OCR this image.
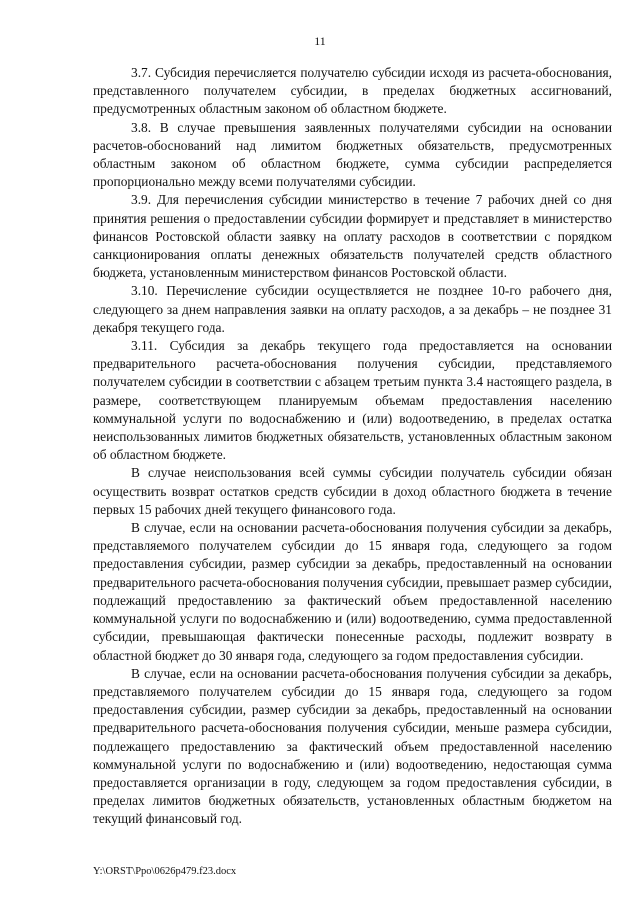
11

3.7. Субсидия перечисляется получателю субсидии исходя из расчета-обоснования, представленного получателем субсидии, в пределах бюджетных ассигнований, предусмотренных областным законом об областном бюджете.

3.8. В случае превышения заявленных получателями субсидии на основании расчетов-обоснований над лимитом бюджетных обязательств, предусмотренных областным законом об областном бюджете, сумма субсидии распределяется пропорционально между всеми получателями субсидии.

3.9. Для перечисления субсидии министерство в течение 7 рабочих дней со дня принятия решения о предоставлении субсидии формирует и представляет в министерство финансов Ростовской области заявку на оплату расходов в соответствии с порядком санкционирования оплаты денежных обязательств получателей средств областного бюджета, установленным министерством финансов Ростовской области.

3.10. Перечисление субсидии осуществляется не позднее 10-го рабочего дня, следующего за днем направления заявки на оплату расходов, а за декабрь – не позднее 31 декабря текущего года.

3.11. Субсидия за декабрь текущего года предоставляется на основании предварительного расчета-обоснования получения субсидии, представляемого получателем субсидии в соответствии с абзацем третьим пункта 3.4 настоящего раздела, в размере, соответствующем планируемым объемам предоставления населению коммунальной услуги по водоснабжению и (или) водоотведению, в пределах остатка неиспользованных лимитов бюджетных обязательств, установленных областным законом об областном бюджете.

В случае неиспользования всей суммы субсидии получатель субсидии обязан осуществить возврат остатков средств субсидии в доход областного бюджета в течение первых 15 рабочих дней текущего финансового года.

В случае, если на основании расчета-обоснования получения субсидии за декабрь, представляемого получателем субсидии до 15 января года, следующего за годом предоставления субсидии, размер субсидии за декабрь, предоставленный на основании предварительного расчета-обоснования получения субсидии, превышает размер субсидии, подлежащий предоставлению за фактический объем предоставленной населению коммунальной услуги по водоснабжению и (или) водоотведению, сумма предоставленной субсидии, превышающая фактически понесенные расходы, подлежит возврату в областной бюджет до 30 января года, следующего за годом предоставления субсидии.

В случае, если на основании расчета-обоснования получения субсидии за декабрь, представляемого получателем субсидии до 15 января года, следующего за годом предоставления субсидии, размер субсидии за декабрь, предоставленный на основании предварительного расчета-обоснования получения субсидии, меньше размера субсидии, подлежащего предоставлению за фактический объем предоставленной населению коммунальной услуги по водоснабжению и (или) водоотведению, недостающая сумма предоставляется организации в году, следующем за годом предоставления субсидии, в пределах лимитов бюджетных обязательств, установленных областным бюджетом на текущий финансовый год.

Y:\ORST\Ppo\0626p479.f23.docx
